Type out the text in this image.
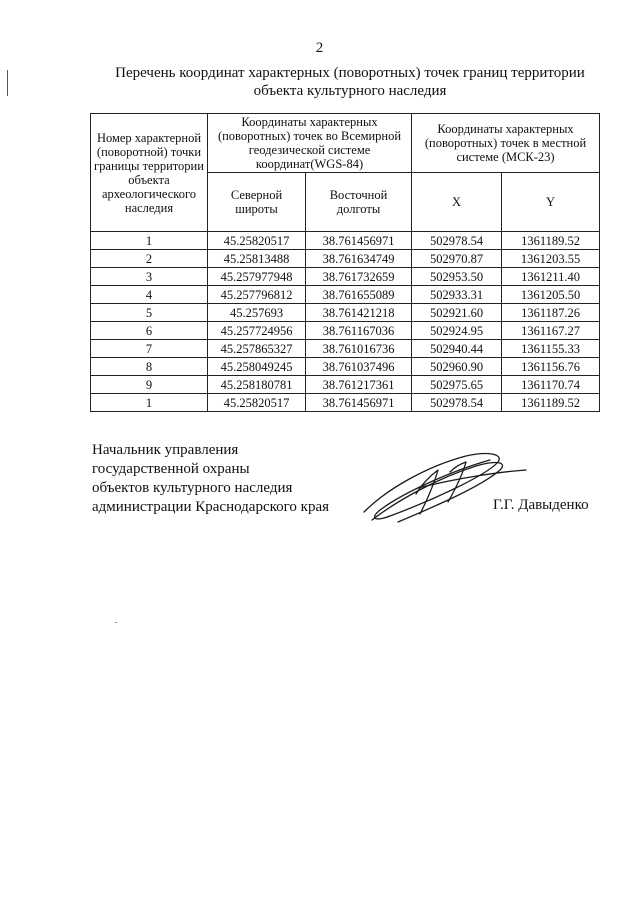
2
Перечень координат характерных (поворотных) точек границ территории
объекта культурного наследия
Номер характерной (поворотной) точки границы территории объекта археологического наследия	Координаты характерных (поворотных) точек во Всемирной геодезической системе координат(WGS-84)		Координаты характерных (поворотных) точек в местной системе (МСК-23)	
	Северной широты	Восточной долготы	X	Y
1	45.25820517	38.761456971	502978.54	1361189.52
2	45.25813488	38.761634749	502970.87	1361203.55
3	45.257977948	38.761732659	502953.50	1361211.40
4	45.257796812	38.761655089	502933.31	1361205.50
5	45.257693	38.761421218	502921.60	1361187.26
6	45.257724956	38.761167036	502924.95	1361167.27
7	45.257865327	38.761016736	502940.44	1361155.33
8	45.258049245	38.761037496	502960.90	1361156.76
9	45.258180781	38.761217361	502975.65	1361170.74
1	45.25820517	38.761456971	502978.54	1361189.52
Начальник управления
государственной охраны
объектов культурного наследия
администрации Краснодарского края	Г.Г. Давыденко
